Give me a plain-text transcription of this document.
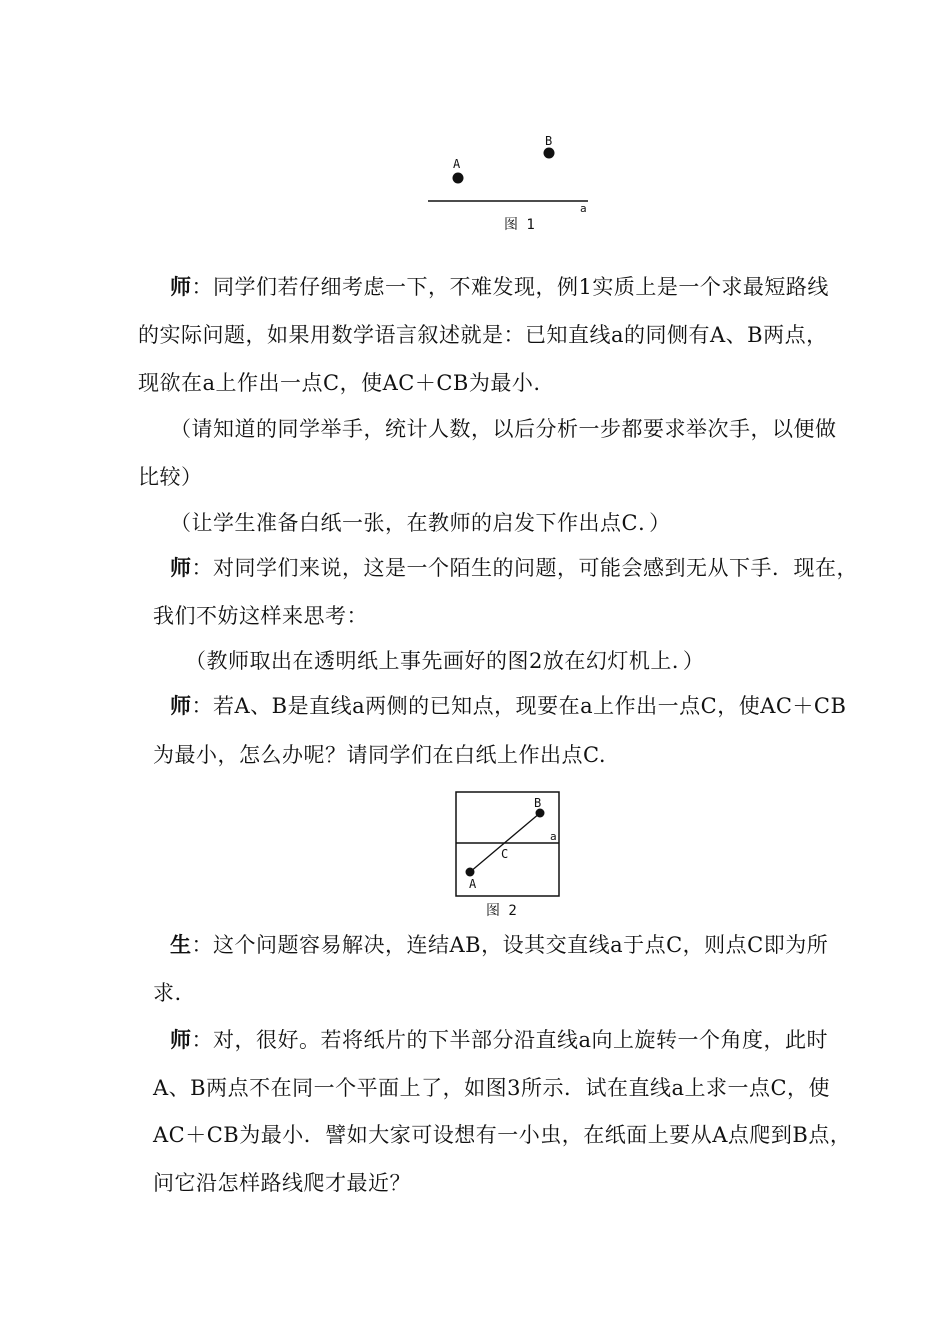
A
B
a
图 1
师：同学们若仔细考虑一下，不难发现，例1实质上是一个求最短路线
的实际问题，如果用数学语言叙述就是：已知直线a的同侧有A、B两点，
现欲在a上作出一点C，使AC＋CB为最小.
（请知道的同学举手，统计人数，以后分析一步都要求举次手，以便做
比较）
（让学生准备白纸一张，在教师的启发下作出点C．）
师：对同学们来说，这是一个陌生的问题，可能会感到无从下手．现在，
我们不妨这样来思考：
（教师取出在透明纸上事先画好的图2放在幻灯机上．）
师：若A、B是直线a两侧的已知点，现要在a上作出一点C，使AC＋CB
为最小，怎么办呢？请同学们在白纸上作出点C.
A
B
C
a
图 2
生：这个问题容易解决，连结AB，设其交直线a于点C，则点C即为所
求.
师：对，很好。若将纸片的下半部分沿直线a向上旋转一个角度，此时
A、B两点不在同一个平面上了，如图3所示．试在直线a上求一点C，使
AC＋CB为最小．譬如大家可设想有一小虫，在纸面上要从A点爬到B点，
问它沿怎样路线爬才最近？
